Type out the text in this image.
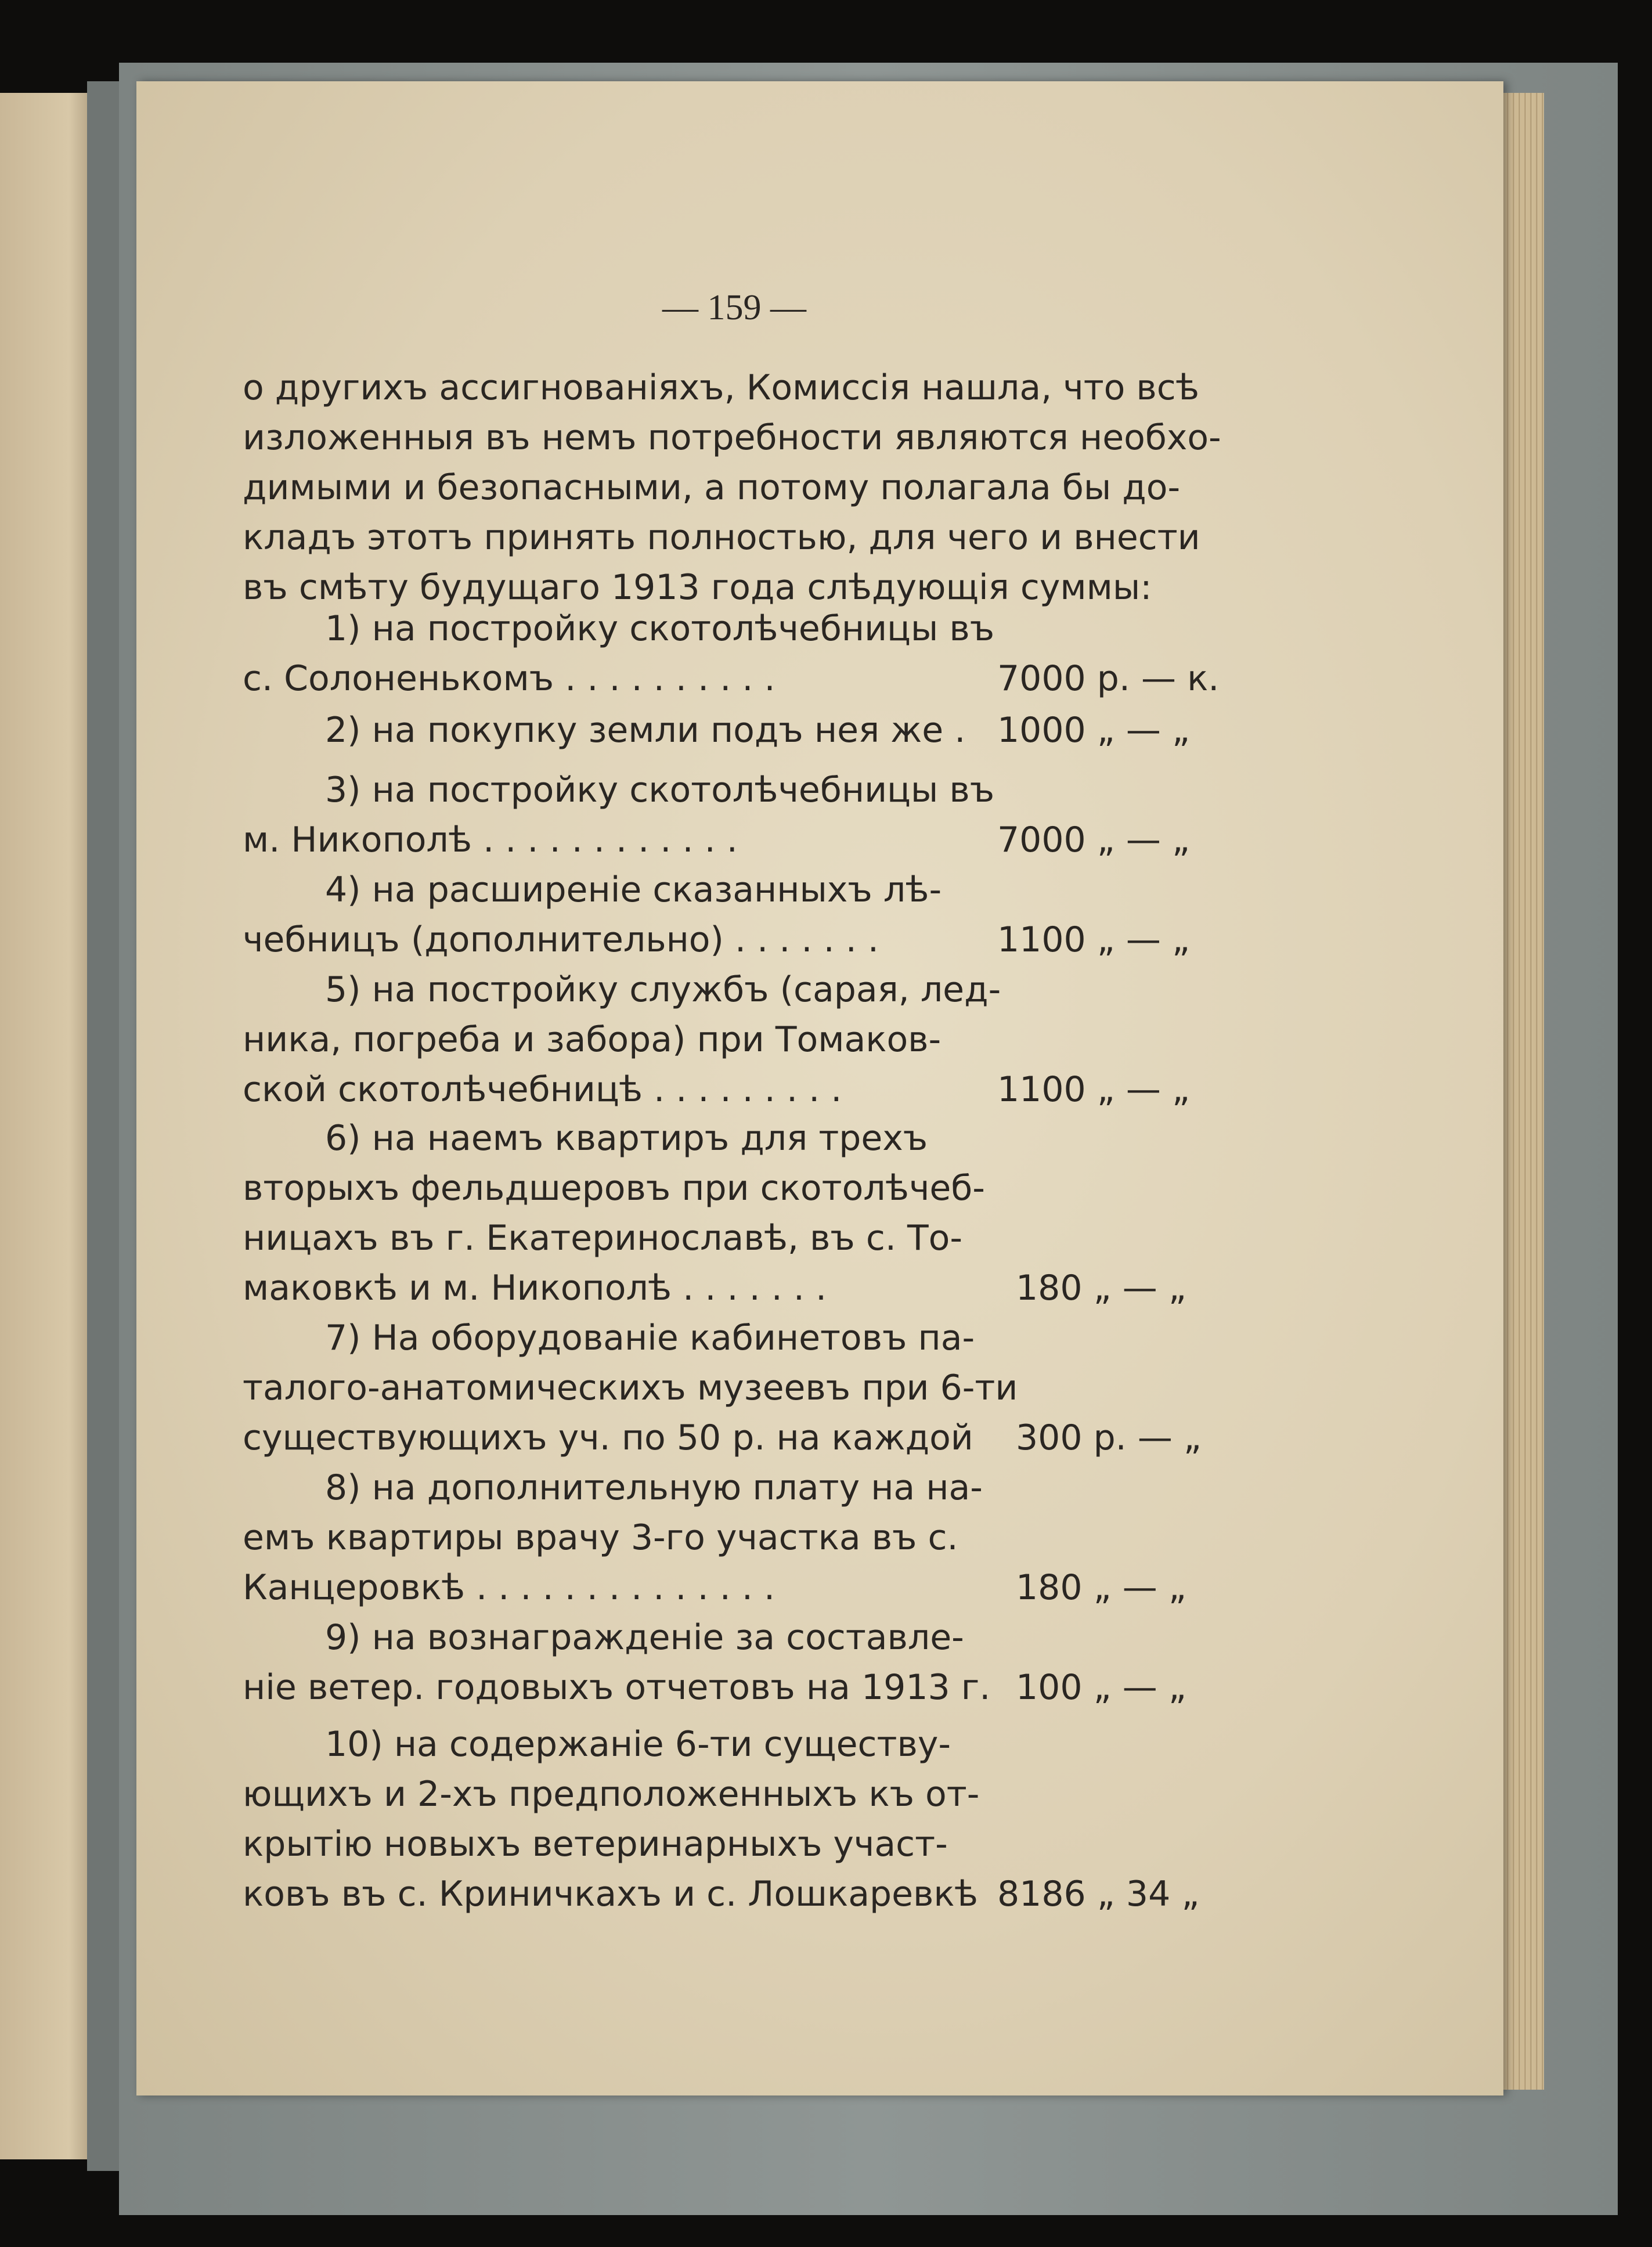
— 159 —
о другихъ ассигнованіяхъ, Комиссія нашла, что всѣ
изложенныя въ немъ потребности являются необхо-
димыми и безопасными, а потому полагала бы до-
кладъ этотъ принять полностью, для чего и внести
въ смѣту будущаго 1913 года слѣдующія суммы:
1) на постройку скотолѣчебницы въ
с. Солоненькомъ . . . . . . . . . .	7000 р. — к.
2) на покупку земли подъ нея же . 1000 „ — „
3) на постройку скотолѣчебницы въ
м. Никополѣ . . . . . . . . . . . .	7000 „ — „
4) на расширеніе сказанныхъ лѣ-
чебницъ (дополнительно) . . . . . . .	1100 „ — „
5) на постройку службъ (сарая, лед-
ника, погреба и забора) при Томаков-
ской скотолѣчебницѣ . . . . . . . . .	1100 „ — „
6) на наемъ квартиръ для трехъ
вторыхъ фельдшеровъ при скотолѣчеб-
ницахъ въ г. Екатеринославѣ, въ с. То-
маковкѣ и м. Никополѣ . . . . . . .	180 „ — „
7) На оборудованіе кабинетовъ па-
талого-анатомическихъ музеевъ при 6-ти
существующихъ уч. по 50 р. на каждой 300 р. — „
8) на дополнительную плату на на-
емъ квартиры врачу 3-го участка въ с.
Канцеровкѣ . . . . . . . . . . . . . .	180 „ — „
9) на вознагражденіе за составле-
ніе ветер. годовыхъ отчетовъ на 1913 г. 100 „ — „
10) на содержаніе 6-ти существу-
ющихъ и 2-хъ предположенныхъ къ от-
крытію новыхъ ветеринарныхъ участ-
ковъ въ с. Криничкахъ и с. Лошкаревкѣ 8186 „ 34 „
